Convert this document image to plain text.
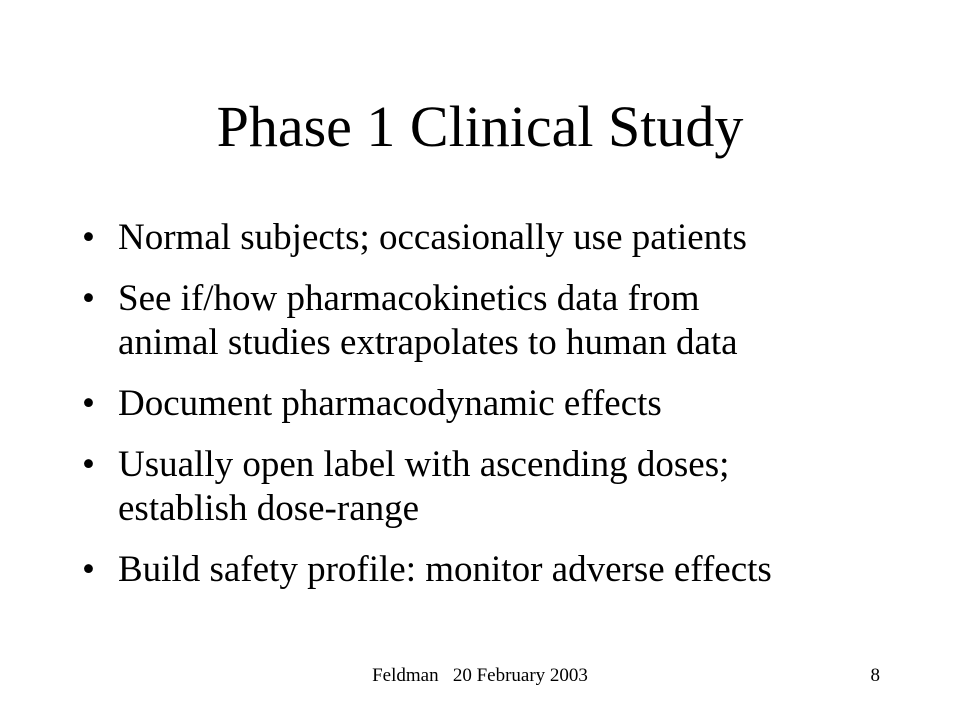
Phase 1 Clinical Study
• Normal subjects; occasionally use patients
• See if/how pharmacokinetics data from
animal studies extrapolates to human data
• Document pharmacodynamic effects
• Usually open label with ascending doses;
establish dose-range
• Build safety profile: monitor adverse effects
Feldman   20 February 2003	8
